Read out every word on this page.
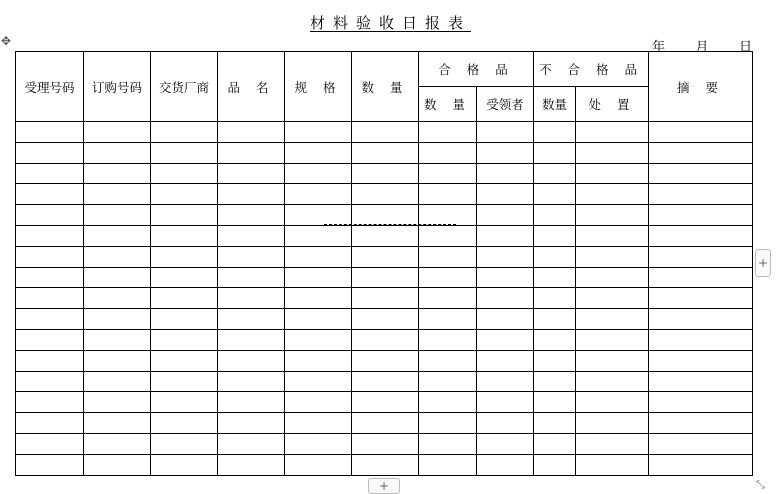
✥
材料验收日报表
年 月 日
受理号码	订购号码	交货厂商	品 名	规 格	数 量	合 格 品		不 合 格 品		摘 要
						数 量	受领者	数量	处 置	

+
+	⤡
